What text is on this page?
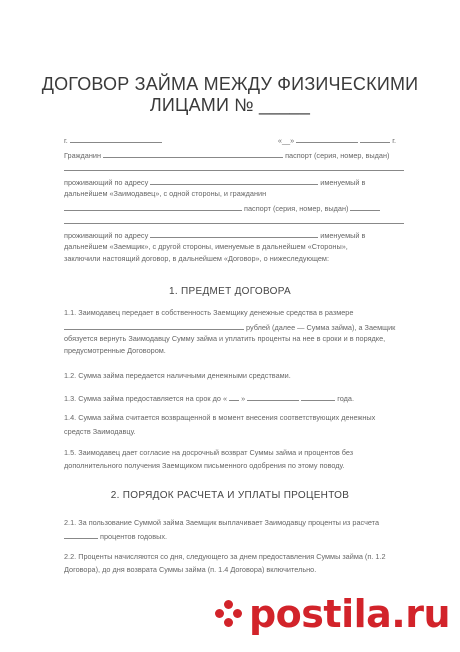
ДОГОВОР ЗАЙМА МЕЖДУ ФИЗИЧЕСКИМИ
ЛИЦАМИ № _____
г.	«__»	г.
Гражданин	паспорт (серия, номер, выдан)
проживающий по адресу	именуемый в
дальнейшем «Заимодавец», с одной стороны, и гражданин
паспорт (серия, номер, выдан)
проживающий по адресу	именуемый в
дальнейшем «Заемщик», с другой стороны, именуемые в дальнейшем «Стороны»,
заключили настоящий договор, в дальнейшем «Договор», о нижеследующем:
1. ПРЕДМЕТ ДОГОВОРА
1.1. Заимодавец передает в собственность Заемщику денежные средства в размере
рублей (далее — Сумма займа), а Заемщик
обязуется вернуть Заимодавцу Сумму займа и уплатить проценты на нее в сроки и в порядке,
предусмотренные Договором.
1.2. Сумма займа передается наличными денежными средствами.
1.3. Сумма займа предоставляется на срок до « »	года.
1.4. Сумма займа считается возвращенной в момент внесения соответствующих денежных
средств Заимодавцу.
1.5. Заимодавец дает согласие на досрочный возврат Суммы займа и процентов без
дополнительного получения Заемщиком письменного одобрения по этому поводу.
2. ПОРЯДОК РАСЧЕТА И УПЛАТЫ ПРОЦЕНТОВ
2.1. За пользование Суммой займа Заемщик выплачивает Заимодавцу проценты из расчета
процентов годовых.
2.2. Проценты начисляются со дня, следующего за днем предоставления Суммы займа (п. 1.2
Договора), до дня возврата Суммы займа (п. 1.4 Договора) включительно.
postila.ru
